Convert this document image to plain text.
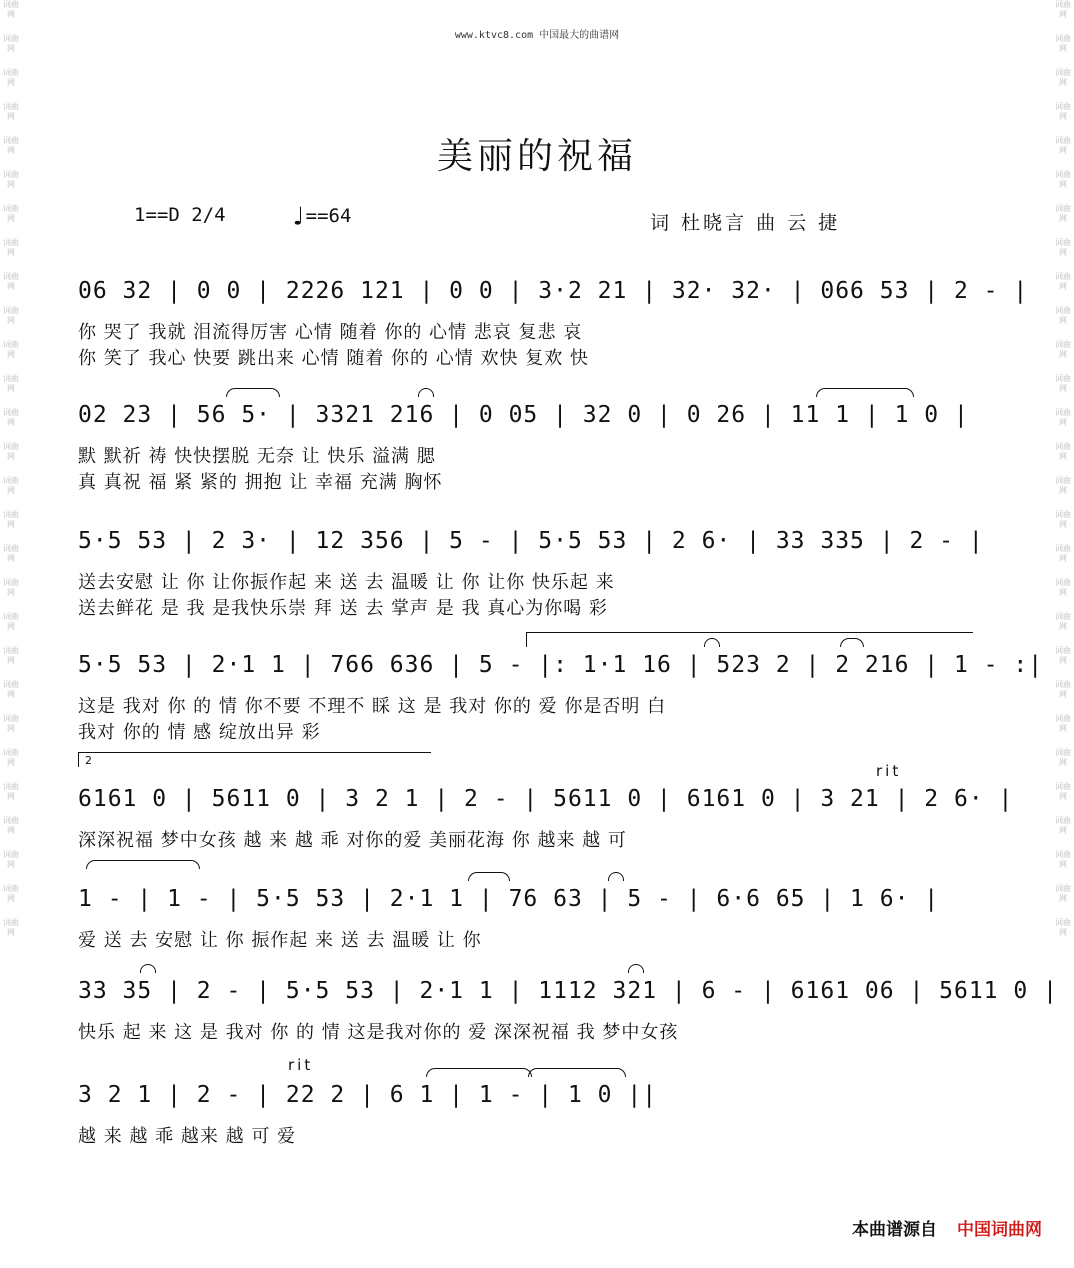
词曲网
词曲网
词曲网
词曲网
词曲网
词曲网
词曲网
词曲网
词曲网
词曲网
词曲网
词曲网
词曲网
词曲网
词曲网
词曲网
词曲网
词曲网
词曲网
词曲网
词曲网
词曲网
词曲网
词曲网
词曲网
词曲网
词曲网
词曲网
词曲网
词曲网
词曲网
词曲网
词曲网
词曲网
词曲网
词曲网
词曲网
词曲网
词曲网
词曲网
词曲网
词曲网
词曲网
词曲网
词曲网
词曲网
词曲网
词曲网
词曲网
词曲网
词曲网
词曲网
词曲网
词曲网
词曲网
词曲网
www.ktvc8.com 中国最大的曲谱网
美丽的祝福
1==D 2/4 ♩==64	词 杜晓言 曲 云 捷
06 32 | 0 0 | 2226 121 | 0 0 | 3·2 21 | 32· 32· | 066 53 | 2 - |
你 哭了 我就 泪流得厉害 心情 随着 你的 心情 悲哀 复悲 哀
你 笑了 我心 快要 跳出来 心情 随着 你的 心情 欢快 复欢 快
02 23 | 56 5· | 3321 216 | 0 05 | 32 0 | 0 26 | 11 1 | 1 0 |
默 默祈 祷 快快摆脱 无奈 让 快乐 溢满 腮
真 真祝 福 紧 紧的 拥抱 让 幸福 充满 胸怀
5·5 53 | 2 3· | 12 356 | 5 - | 5·5 53 | 2 6· | 33 335 | 2 - |
送去安慰 让 你 让你振作起 来 送 去 温暖 让 你 让你 快乐起 来
送去鲜花 是 我 是我快乐崇 拜 送 去 掌声 是 我 真心为你喝 彩
5·5 53 | 2·1 1 | 766 636 | 5 - |: 1·1 16 | 523 2 | 2 216 | 1 - :|
这是 我对 你 的 情 你不要 不理不 睬 这 是 我对 你的 爱 你是否明 白
我对 你的 情 感 绽放出异 彩
2
rit
6161 0 | 5611 0 | 3 2 1 | 2 - | 5611 0 | 6161 0 | 3 21 | 2 6· |
深深祝福 梦中女孩 越 来 越 乖 对你的爱 美丽花海 你 越来 越 可
1 - | 1 - | 5·5 53 | 2·1 1 | 76 63 | 5 - | 6·6 65 | 1 6· |
爱 送 去 安慰 让 你 振作起 来 送 去 温暖 让 你
33 35 | 2 - | 5·5 53 | 2·1 1 | 1112 321 | 6 - | 6161 06 | 5611 0 |
快乐 起 来 这 是 我对 你 的 情 这是我对你的 爱 深深祝福 我 梦中女孩
rit
3 2 1 | 2 - | 22 2 | 6 1 | 1 - | 1 0 ||
越 来 越 乖 越来 越 可 爱
本曲谱源自 中国词曲网
